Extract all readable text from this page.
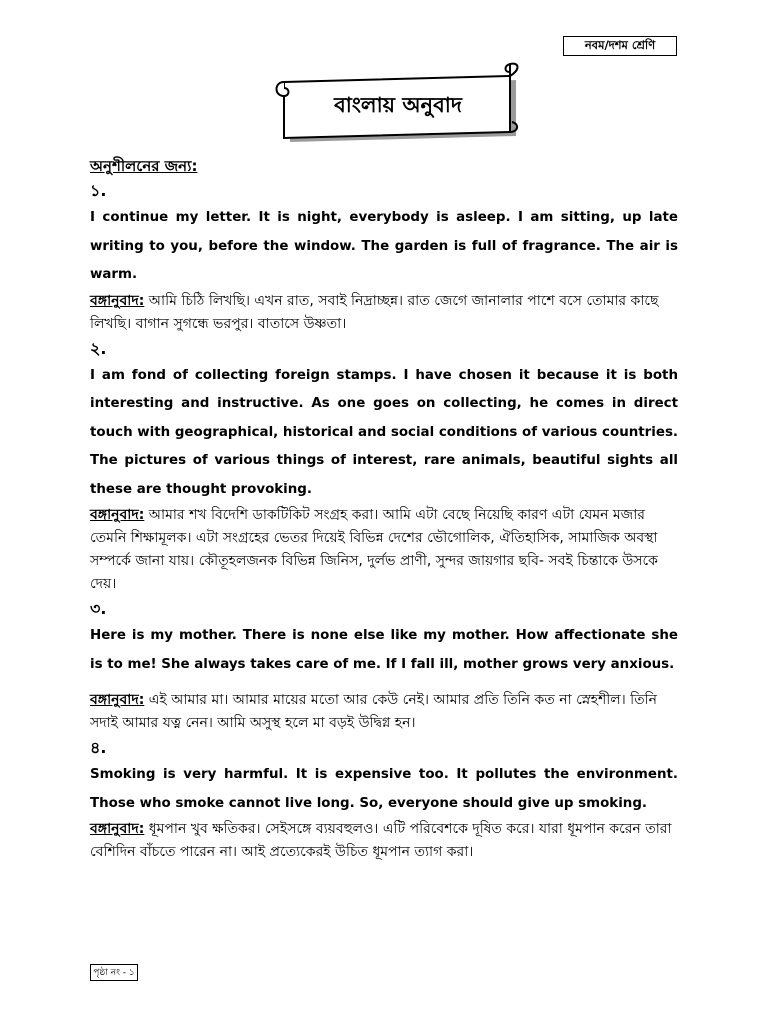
নবম/দশম শ্রেণি
বাংলায় অনুবাদ
অনুশীলনের জন্য:
১.

I continue my letter. It is night, everybody is asleep. I am sitting, up late writing to you, before the window. The garden is full of fragrance. The air is warm.

বঙ্গানুবাদ: আমি চিঠি লিখছি। এখন রাত, সবাই নিদ্রাচ্ছন্ন। রাত জেগে জানালার পাশে বসে তোমার কাছে লিখছি। বাগান সুগন্ধে ভরপুর। বাতাসে উষ্ণতা।

২.

I am fond of collecting foreign stamps. I have chosen it because it is both interesting and instructive. As one goes on collecting, he comes in direct touch with geographical, historical and social conditions of various countries. The pictures of various things of interest, rare animals, beautiful sights all these are thought provoking.

বঙ্গানুবাদ: আমার শখ বিদেশি ডাকটিকিট সংগ্রহ করা। আমি এটা বেছে নিয়েছি কারণ এটা যেমন মজার তেমনি শিক্ষামূলক। এটা সংগ্রহের ভেতর দিয়েই বিভিন্ন দেশের ভৌগোলিক, ঐতিহাসিক, সামাজিক অবস্থা সম্পর্কে জানা যায়। কৌতূহলজনক বিভিন্ন জিনিস, দুর্লভ প্রাণী, সুন্দর জায়গার ছবি- সবই চিন্তাকে উসকে দেয়।

৩.

Here is my mother. There is none else like my mother. How affectionate she is to me! She always takes care of me. If I fall ill, mother grows very anxious.

বঙ্গানুবাদ: এই আমার মা। আমার মায়ের মতো আর কেউ নেই। আমার প্রতি তিনি কত না স্নেহশীল। তিনি সদাই আমার যত্ন নেন। আমি অসুস্থ হলে মা বড়ই উদ্বিগ্ন হন।

৪.

Smoking is very harmful. It is expensive too. It pollutes the environment. Those who smoke cannot live long. So, everyone should give up smoking.

বঙ্গানুবাদ: ধূমপান খুব ক্ষতিকর। সেইসঙ্গে ব্যয়বহুলও। এটি পরিবেশকে দূষিত করে। যারা ধূমপান করেন তারা বেশিদিন বাঁচতে পারেন না। আই প্রত্যেকেরই উচিত ধূমপান ত্যাগ করা।

পৃষ্ঠা নং - ১
